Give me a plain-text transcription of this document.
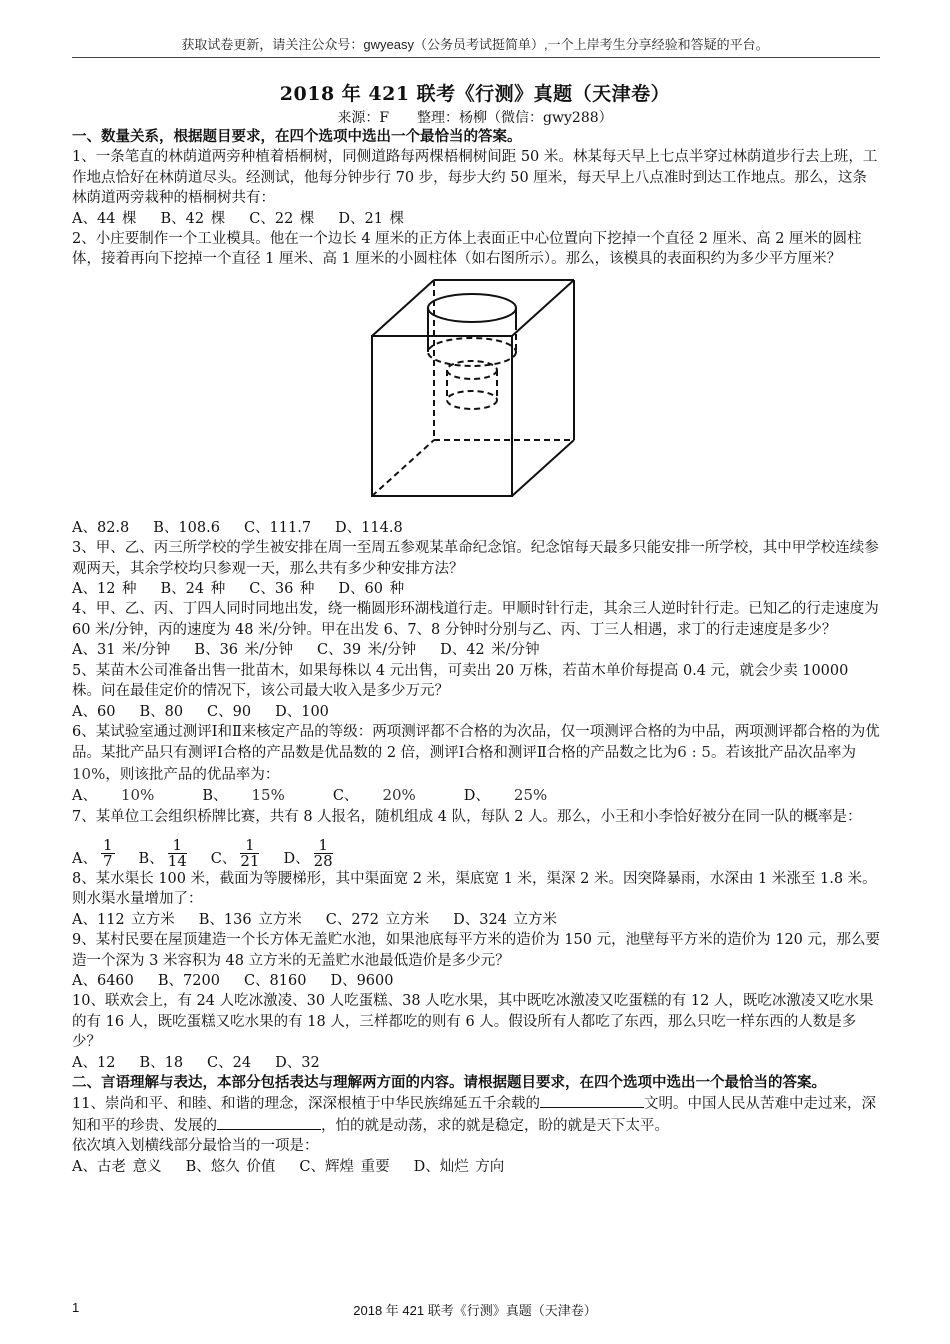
获取试卷更新，请关注公众号：gwyeasy（公务员考试挺简单）,一个上岸考生分享经验和答疑的平台。
2018 年 421 联考《行测》真题（天津卷）
来源：F　　整理：杨柳（微信：gwy288）

一、数量关系，根据题目要求，在四个选项中选出一个最恰当的答案。

1、一条笔直的林荫道两旁种植着梧桐树，同侧道路每两棵梧桐树间距 50 米。林某每天早上七点半穿过林荫道步行去上班，工作地点恰好在林荫道尽头。经测试，他每分钟步行 70 步，每步大约 50 厘米，每天早上八点准时到达工作地点。那么，这条林荫道两旁栽种的梧桐树共有：

A、44 棵 B、42 棵 C、22 棵 D、21 棵

2、小庄要制作一个工业模具。他在一个边长 4 厘米的正方体上表面正中心位置向下挖掉一个直径 2 厘米、高 2 厘米的圆柱体，接着再向下挖掉一个直径 1 厘米、高 1 厘米的小圆柱体（如右图所示）。那么，该模具的表面积约为多少平方厘米？

A、82.8 B、108.6 C、111.7 D、114.8

3、甲、乙、丙三所学校的学生被安排在周一至周五参观某革命纪念馆。纪念馆每天最多只能安排一所学校，其中甲学校连续参观两天，其余学校均只参观一天，那么共有多少种安排方法？

A、12 种 B、24 种 C、36 种 D、60 种

4、甲、乙、丙、丁四人同时同地出发，绕一椭圆形环湖栈道行走。甲顺时针行走，其余三人逆时针行走。已知乙的行走速度为 60 米/分钟，丙的速度为 48 米/分钟。甲在出发 6、7、8 分钟时分别与乙、丙、丁三人相遇，求丁的行走速度是多少？

A、31 米/分钟 B、36 米/分钟 C、39 米/分钟 D、42 米/分钟

5、某苗木公司准备出售一批苗木，如果每株以 4 元出售，可卖出 20 万株，若苗木单价每提高 0.4 元，就会少卖 10000 株。问在最佳定价的情况下，该公司最大收入是多少万元？

A、60 B、80 C、90 D、100

6、某试验室通过测评Ⅰ和Ⅱ来核定产品的等级：两项测评都不合格的为次品，仅一项测评合格的为中品，两项测评都合格的为优品。某批产品只有测评Ⅰ合格的产品数是优品数的 2 倍，测评Ⅰ合格和测评Ⅱ合格的产品数之比为6 : 5。若该批产品次品率为10%，则该批产品的优品率为：

A、 10%	B、 15%	C、 20%	D、 25%

7、某单位工会组织桥牌比赛，共有 8 人报名，随机组成 4 队，每队 2 人。那么，小王和小李恰好被分在同一队的概率是：

A、 $\frac{1}{7}$ B、 $\frac{1}{14}$ C、 $\frac{1}{21}$ D、 $\frac{1}{28}$

8、某水渠长 100 米，截面为等腰梯形，其中渠面宽 2 米，渠底宽 1 米，渠深 2 米。因突降暴雨，水深由 1 米涨至 1.8 米。则水渠水量增加了：

A、112 立方米 B、136 立方米 C、272 立方米 D、324 立方米

9、某村民要在屋顶建造一个长方体无盖贮水池，如果池底每平方米的造价为 150 元，池壁每平方米的造价为 120 元，那么要造一个深为 3 米容积为 48 立方米的无盖贮水池最低造价是多少元？

A、6460 B、7200 C、8160 D、9600

10、联欢会上，有 24 人吃冰激凌、30 人吃蛋糕、38 人吃水果，其中既吃冰激凌又吃蛋糕的有 12 人，既吃冰激凌又吃水果的有 16 人，既吃蛋糕又吃水果的有 18 人，三样都吃的则有 6 人。假设所有人都吃了东西，那么只吃一样东西的人数是多少？

A、12 B、18 C、24 D、32

二、言语理解与表达，本部分包括表达与理解两方面的内容。请根据题目要求，在四个选项中选出一个最恰当的答案。

11、崇尚和平、和睦、和谐的理念，深深根植于中华民族绵延五千余载的	文明。中国人民从苦难中走过来，深知和平的珍贵、发展的	，怕的就是动荡，求的就是稳定，盼的就是天下太平。

依次填入划横线部分最恰当的一项是：

A、古老 意义 B、悠久 价值 C、辉煌 重要 D、灿烂 方向

1	2018 年 421 联考《行测》真题（天津卷）
